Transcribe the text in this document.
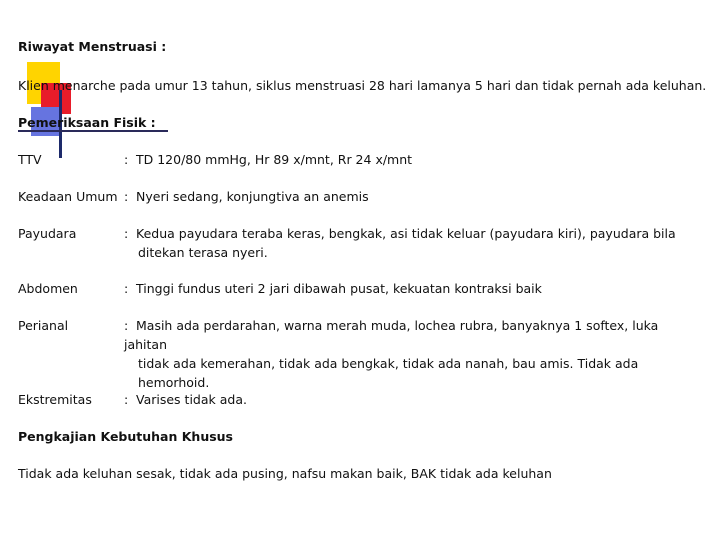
Riwayat Menstruasi :
Klien menarche pada umur 13 tahun, siklus menstruasi 28 hari lamanya 5 hari dan tidak pernah ada keluhan.
Pemeriksaan Fisik :
TTV	: TD 120/80 mmHg, Hr 89 x/mnt, Rr 24 x/mnt
Keadaan Umum : Nyeri sedang, konjungtiva an anemis
Payudara	: Kedua payudara teraba keras, bengkak, asi tidak keluar (payudara kiri), payudara bila
ditekan terasa nyeri.
Abdomen	: Tinggi fundus uteri 2 jari dibawah pusat, kekuatan kontraksi baik
Perianal	: Masih ada perdarahan, warna merah muda, lochea rubra, banyaknya 1 softex, luka jahitan
tidak ada kemerahan, tidak ada bengkak, tidak ada nanah, bau amis. Tidak ada
hemorhoid.
Ekstremitas	: Varises tidak ada.
Pengkajian Kebutuhan Khusus
Tidak ada keluhan sesak, tidak ada pusing, nafsu makan baik, BAK tidak ada keluhan
